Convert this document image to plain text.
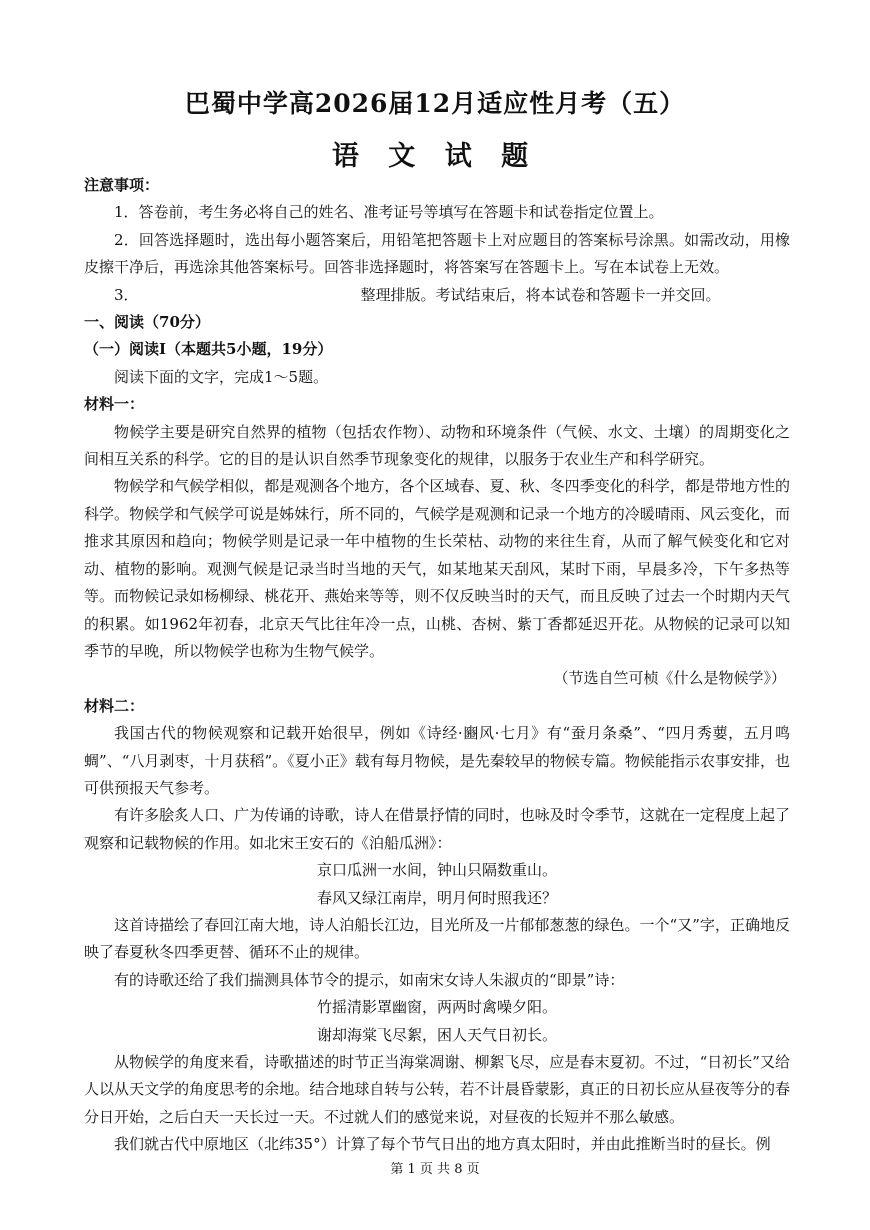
巴蜀中学高2026届12月适应性月考（五）
语 文 试 题

注意事项：

1．答卷前，考生务必将自己的姓名、准考证号等填写在答题卡和试卷指定位置上。

2．回答选择题时，选出每小题答案后，用铅笔把答题卡上对应题目的答案标号涂黑。如需改动，用橡皮擦干净后，再选涂其他答案标号。回答非选择题时，将答案写在答题卡上。写在本试卷上无效。

3．	整理排版。考试结束后，将本试卷和答题卡一并交回。

一、阅读（70分）

（一）阅读Ⅰ（本题共5小题，19分）

阅读下面的文字，完成1～5题。

材料一：

物候学主要是研究自然界的植物（包括农作物）、动物和环境条件（气候、水文、土壤）的周期变化之间相互关系的科学。它的目的是认识自然季节现象变化的规律，以服务于农业生产和科学研究。

物候学和气候学相似，都是观测各个地方，各个区域春、夏、秋、冬四季变化的科学，都是带地方性的科学。物候学和气候学可说是姊妹行，所不同的，气候学是观测和记录一个地方的冷暖晴雨、风云变化，而推求其原因和趋向；物候学则是记录一年中植物的生长荣枯、动物的来往生育，从而了解气候变化和它对动、植物的影响。观测气候是记录当时当地的天气，如某地某天刮风，某时下雨，早晨多冷，下午多热等等。而物候记录如杨柳绿、桃花开、燕始来等等，则不仅反映当时的天气，而且反映了过去一个时期内天气的积累。如1962年初春，北京天气比往年冷一点，山桃、杏树、紫丁香都延迟开花。从物候的记录可以知季节的早晚，所以物候学也称为生物气候学。

（节选自竺可桢《什么是物候学》）

材料二：

我国古代的物候观察和记载开始很早，例如《诗经·豳风·七月》有“蚕月条桑”、“四月秀葽，五月鸣蜩”、“八月剥枣，十月获稻”。《夏小正》载有每月物候，是先秦较早的物候专篇。物候能指示农事安排，也可供预报天气参考。

有许多脍炙人口、广为传诵的诗歌，诗人在借景抒情的同时，也咏及时令季节，这就在一定程度上起了观察和记载物候的作用。如北宋王安石的《泊船瓜洲》：

京口瓜洲一水间，钟山只隔数重山。

春风又绿江南岸，明月何时照我还？

这首诗描绘了春回江南大地，诗人泊船长江边，目光所及一片郁郁葱葱的绿色。一个“又”字，正确地反映了春夏秋冬四季更替、循环不止的规律。

有的诗歌还给了我们揣测具体节令的提示，如南宋女诗人朱淑贞的“即景”诗：

竹摇清影罩幽窗，两两时禽噪夕阳。

谢却海棠飞尽絮，困人天气日初长。

从物候学的角度来看，诗歌描述的时节正当海棠凋谢、柳絮飞尽，应是春末夏初。不过，“日初长”又给人以从天文学的角度思考的余地。结合地球自转与公转，若不计晨昏蒙影，真正的日初长应从昼夜等分的春分日开始，之后白天一天长过一天。不过就人们的感觉来说，对昼夜的长短并不那么敏感。

我们就古代中原地区（北纬35°）计算了每个节气日出的地方真太阳时，并由此推断当时的昼长。例

第 1 页 共 8 页
